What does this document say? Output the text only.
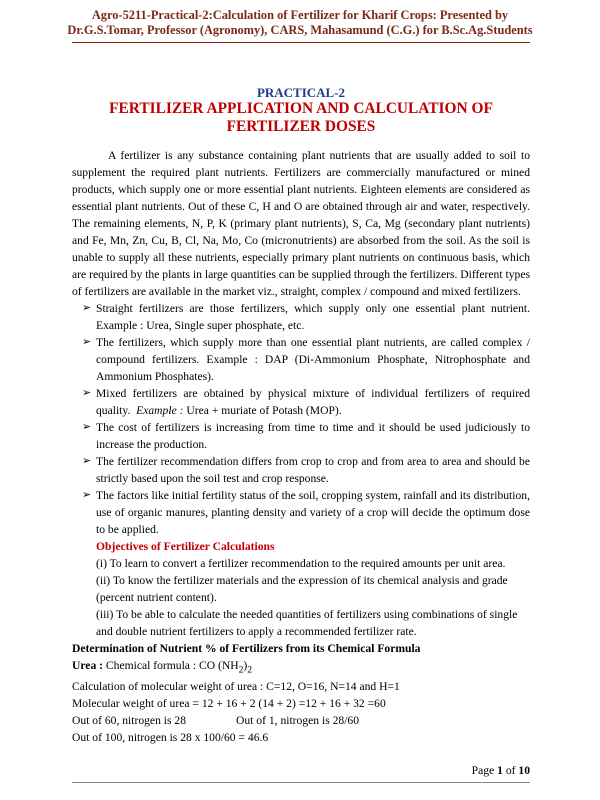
Agro-5211-Practical-2:Calculation of Fertilizer for Kharif Crops: Presented by
Dr.G.S.Tomar, Professor (Agronomy), CARS, Mahasamund (C.G.) for B.Sc.Ag.Students
PRACTICAL-2
FERTILIZER APPLICATION AND CALCULATION OF
FERTILIZER DOSES

A fertilizer is any substance containing plant nutrients that are usually added to soil to supplement the required plant nutrients. Fertilizers are commercially manufactured or mined products, which supply one or more essential plant nutrients. Eighteen elements are considered as essential plant nutrients. Out of these C, H and O are obtained through air and water, respectively. The remaining elements, N, P, K (primary plant nutrients), S, Ca, Mg (secondary plant nutrients) and Fe, Mn, Zn, Cu, B, Cl, Na, Mo, Co (micronutrients) are absorbed from the soil. As the soil is unable to supply all these nutrients, especially primary plant nutrients on continuous basis, which are required by the plants in large quantities can be supplied through the fertilizers. Different types of fertilizers are available in the market viz., straight, complex / compound and mixed fertilizers.

➢ Straight fertilizers are those fertilizers, which supply only one essential plant nutrient. Example : Urea, Single super phosphate, etc.
➢ The fertilizers, which supply more than one essential plant nutrients, are called complex / compound fertilizers. Example : DAP (Di-Ammonium Phosphate, Nitrophosphate and Ammonium Phosphates).
➢ Mixed fertilizers are obtained by physical mixture of individual fertilizers of required quality. Example : Urea + muriate of Potash (MOP).
➢ The cost of fertilizers is increasing from time to time and it should be used judiciously to increase the production.
➢ The fertilizer recommendation differs from crop to crop and from area to area and should be strictly based upon the soil test and crop response.
➢ The factors like initial fertility status of the soil, cropping system, rainfall and its distribution, use of organic manures, planting density and variety of a crop will decide the optimum dose to be applied.
Objectives of Fertilizer Calculations

(i) To learn to convert a fertilizer recommendation to the required amounts per unit area.

(ii) To know the fertilizer materials and the expression of its chemical analysis and grade (percent nutrient content).

(iii) To be able to calculate the needed quantities of fertilizers using combinations of single and double nutrient fertilizers to apply a recommended fertilizer rate.

Determination of Nutrient % of Fertilizers from its Chemical Formula

Urea : Chemical formula : CO $(NH_2)_2$

Calculation of molecular weight of urea : C=12, O=16, N=14 and H=1

Molecular weight of urea = 12 + 16 + 2 (14 + 2) =12 + 16 + 32 =60

Out of 60, nitrogen is 28	Out of 1, nitrogen is 28/60

Out of 100, nitrogen is 28 x 100/60 = 46.6

Page 1 of 10
